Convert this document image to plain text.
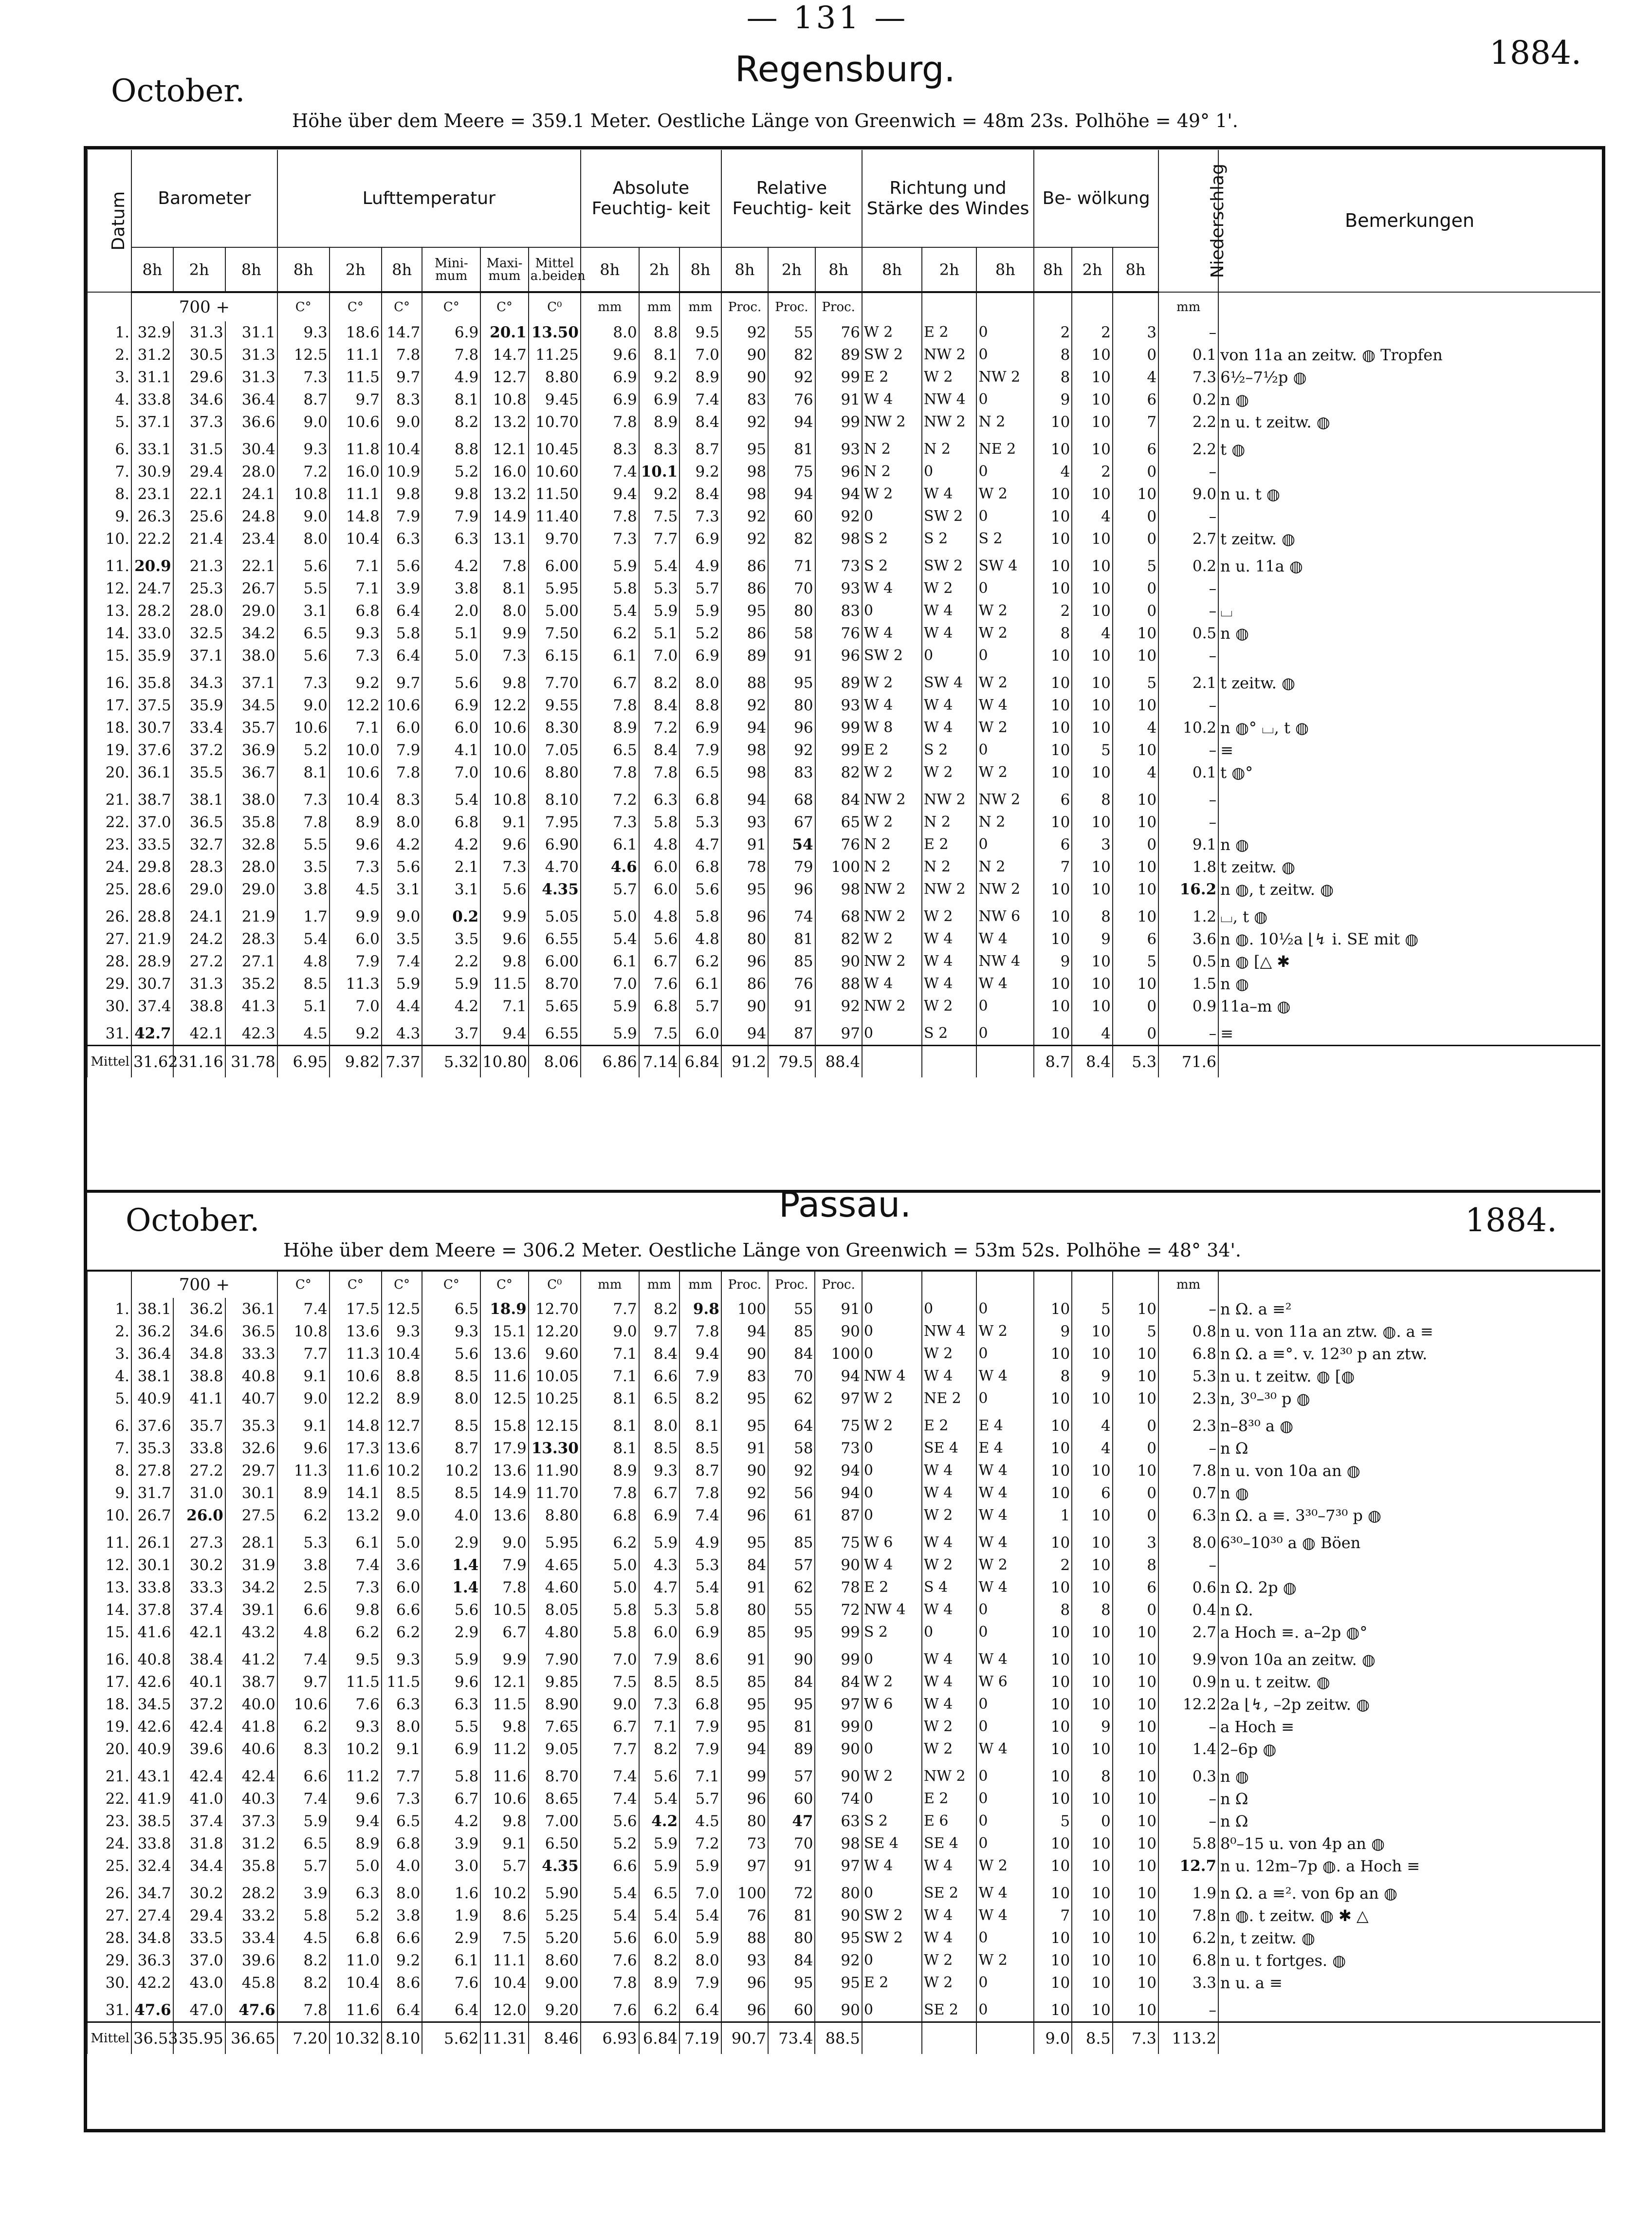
— 131 —
October.
Regensburg.	1884.
Höhe über dem Meere = 359.1 Meter. Oestliche Länge von Greenwich = 48m 23s. Polhöhe = 49° 1'.
Datum	Barometer			Lufttemperatur						Absolute Feuchtig- keit			Relative Feuchtig- keit			Richtung und Stärke des Windes			Be- wölkung			Niederschlag	Bemerkungen
	8h	2h	8h	8h	2h	8h	Mini- mum	Maxi- mum	Mittel a.beiden	8h	2h	8h	8h	2h	8h	8h	2h	8h	8h	2h	8h		
	700 +			C°	C°	C°	C°	C°	C⁰	mm	mm	mm	Proc.	Proc.	Proc.							mm	
1.	32.9	31.3	31.1	9.3	18.6	14.7	6.9	20.1	13.50	8.0	8.8	9.5	92	55	76	W 2	E 2	0	2	2	3	–	
2.	31.2	30.5	31.3	12.5	11.1	7.8	7.8	14.7	11.25	9.6	8.1	7.0	90	82	89	SW 2	NW 2	0	8	10	0	0.1	von 11a an zeitw. ◍ Tropfen
3.	31.1	29.6	31.3	7.3	11.5	9.7	4.9	12.7	8.80	6.9	9.2	8.9	90	92	99	E 2	W 2	NW 2	8	10	4	7.3	6½–7½p ◍
4.	33.8	34.6	36.4	8.7	9.7	8.3	8.1	10.8	9.45	6.9	6.9	7.4	83	76	91	W 4	NW 4	0	9	10	6	0.2	n ◍
5.	37.1	37.3	36.6	9.0	10.6	9.0	8.2	13.2	10.70	7.8	8.9	8.4	92	94	99	NW 2	NW 2	N 2	10	10	7	2.2	n u. t zeitw. ◍

6.	33.1	31.5	30.4	9.3	11.8	10.4	8.8	12.1	10.45	8.3	8.3	8.7	95	81	93	N 2	N 2	NE 2	10	10	6	2.2	t ◍
7.	30.9	29.4	28.0	7.2	16.0	10.9	5.2	16.0	10.60	7.4	10.1	9.2	98	75	96	N 2	0	0	4	2	0	–	
8.	23.1	22.1	24.1	10.8	11.1	9.8	9.8	13.2	11.50	9.4	9.2	8.4	98	94	94	W 2	W 4	W 2	10	10	10	9.0	n u. t ◍
9.	26.3	25.6	24.8	9.0	14.8	7.9	7.9	14.9	11.40	7.8	7.5	7.3	92	60	92	0	SW 2	0	10	4	0	–	
10.	22.2	21.4	23.4	8.0	10.4	6.3	6.3	13.1	9.70	7.3	7.7	6.9	92	82	98	S 2	S 2	S 2	10	10	0	2.7	t zeitw. ◍

11.	20.9	21.3	22.1	5.6	7.1	5.6	4.2	7.8	6.00	5.9	5.4	4.9	86	71	73	S 2	SW 2	SW 4	10	10	5	0.2	n u. 11a ◍
12.	24.7	25.3	26.7	5.5	7.1	3.9	3.8	8.1	5.95	5.8	5.3	5.7	86	70	93	W 4	W 2	0	10	10	0	–	
13.	28.2	28.0	29.0	3.1	6.8	6.4	2.0	8.0	5.00	5.4	5.9	5.9	95	80	83	0	W 4	W 2	2	10	0	–	⌴
14.	33.0	32.5	34.2	6.5	9.3	5.8	5.1	9.9	7.50	6.2	5.1	5.2	86	58	76	W 4	W 4	W 2	8	4	10	0.5	n ◍
15.	35.9	37.1	38.0	5.6	7.3	6.4	5.0	7.3	6.15	6.1	7.0	6.9	89	91	96	SW 2	0	0	10	10	10	–	

16.	35.8	34.3	37.1	7.3	9.2	9.7	5.6	9.8	7.70	6.7	8.2	8.0	88	95	89	W 2	SW 4	W 2	10	10	5	2.1	t zeitw. ◍
17.	37.5	35.9	34.5	9.0	12.2	10.6	6.9	12.2	9.55	7.8	8.4	8.8	92	80	93	W 4	W 4	W 4	10	10	10	–	
18.	30.7	33.4	35.7	10.6	7.1	6.0	6.0	10.6	8.30	8.9	7.2	6.9	94	96	99	W 8	W 4	W 2	10	10	4	10.2	n ◍° ⌴, t ◍
19.	37.6	37.2	36.9	5.2	10.0	7.9	4.1	10.0	7.05	6.5	8.4	7.9	98	92	99	E 2	S 2	0	10	5	10	–	≡
20.	36.1	35.5	36.7	8.1	10.6	7.8	7.0	10.6	8.80	7.8	7.8	6.5	98	83	82	W 2	W 2	W 2	10	10	4	0.1	t ◍°

21.	38.7	38.1	38.0	7.3	10.4	8.3	5.4	10.8	8.10	7.2	6.3	6.8	94	68	84	NW 2	NW 2	NW 2	6	8	10	–	
22.	37.0	36.5	35.8	7.8	8.9	8.0	6.8	9.1	7.95	7.3	5.8	5.3	93	67	65	W 2	N 2	N 2	10	10	10	–	
23.	33.5	32.7	32.8	5.5	9.6	4.2	4.2	9.6	6.90	6.1	4.8	4.7	91	54	76	N 2	E 2	0	6	3	0	9.1	n ◍
24.	29.8	28.3	28.0	3.5	7.3	5.6	2.1	7.3	4.70	4.6	6.0	6.8	78	79	100	N 2	N 2	N 2	7	10	10	1.8	t zeitw. ◍
25.	28.6	29.0	29.0	3.8	4.5	3.1	3.1	5.6	4.35	5.7	6.0	5.6	95	96	98	NW 2	NW 2	NW 2	10	10	10	16.2	n ◍, t zeitw. ◍

26.	28.8	24.1	21.9	1.7	9.9	9.0	0.2	9.9	5.05	5.0	4.8	5.8	96	74	68	NW 2	W 2	NW 6	10	8	10	1.2	⌴, t ◍
27.	21.9	24.2	28.3	5.4	6.0	3.5	3.5	9.6	6.55	5.4	5.6	4.8	80	81	82	W 2	W 4	W 4	10	9	6	3.6	n ◍. 10½a ⌊↯ i. SE mit ◍
28.	28.9	27.2	27.1	4.8	7.9	7.4	2.2	9.8	6.00	6.1	6.7	6.2	96	85	90	NW 2	W 4	NW 4	9	10	5	0.5	n ◍ [△ ✱
29.	30.7	31.3	35.2	8.5	11.3	5.9	5.9	11.5	8.70	7.0	7.6	6.1	86	76	88	W 4	W 4	W 4	10	10	10	1.5	n ◍
30.	37.4	38.8	41.3	5.1	7.0	4.4	4.2	7.1	5.65	5.9	6.8	5.7	90	91	92	NW 2	W 2	0	10	10	0	0.9	11a–m ◍

31.	42.7	42.1	42.3	4.5	9.2	4.3	3.7	9.4	6.55	5.9	7.5	6.0	94	87	97	0	S 2	0	10	4	0	–	≡
Mittel	31.62	31.16	31.78	6.95	9.82	7.37	5.32	10.80	8.06	6.86	7.14	6.84	91.2	79.5	88.4				8.7	8.4	5.3	71.6	
October.	Passau.	1884.
Höhe über dem Meere = 306.2 Meter. Oestliche Länge von Greenwich = 53m 52s. Polhöhe = 48° 34'.
	700 +			C°	C°	C°	C°	C°	C⁰	mm	mm	mm	Proc.	Proc.	Proc.							mm	
1.	38.1	36.2	36.1	7.4	17.5	12.5	6.5	18.9	12.70	7.7	8.2	9.8	100	55	91	0	0	0	10	5	10	–	n Ω. a ≡²
2.	36.2	34.6	36.5	10.8	13.6	9.3	9.3	15.1	12.20	9.0	9.7	7.8	94	85	90	0	NW 4	W 2	9	10	5	0.8	n u. von 11a an ztw. ◍. a ≡
3.	36.4	34.8	33.3	7.7	11.3	10.4	5.6	13.6	9.60	7.1	8.4	9.4	90	84	100	0	W 2	0	10	10	10	6.8	n Ω. a ≡°. v. 12³⁰ p an ztw.
4.	38.1	38.8	40.8	9.1	10.6	8.8	8.5	11.6	10.05	7.1	6.6	7.9	83	70	94	NW 4	W 4	W 4	8	9	10	5.3	n u. t zeitw. ◍ [◍
5.	40.9	41.1	40.7	9.0	12.2	8.9	8.0	12.5	10.25	8.1	6.5	8.2	95	62	97	W 2	NE 2	0	10	10	10	2.3	n, 3⁰–³⁰ p ◍

6.	37.6	35.7	35.3	9.1	14.8	12.7	8.5	15.8	12.15	8.1	8.0	8.1	95	64	75	W 2	E 2	E 4	10	4	0	2.3	n–8³⁰ a ◍
7.	35.3	33.8	32.6	9.6	17.3	13.6	8.7	17.9	13.30	8.1	8.5	8.5	91	58	73	0	SE 4	E 4	10	4	0	–	n Ω
8.	27.8	27.2	29.7	11.3	11.6	10.2	10.2	13.6	11.90	8.9	9.3	8.7	90	92	94	0	W 4	W 4	10	10	10	7.8	n u. von 10a an ◍
9.	31.7	31.0	30.1	8.9	14.1	8.5	8.5	14.9	11.70	7.8	6.7	7.8	92	56	94	0	W 4	W 4	10	6	0	0.7	n ◍
10.	26.7	26.0	27.5	6.2	13.2	9.0	4.0	13.6	8.80	6.8	6.9	7.4	96	61	87	0	W 2	W 4	1	10	0	6.3	n Ω. a ≡. 3³⁰–7³⁰ p ◍

11.	26.1	27.3	28.1	5.3	6.1	5.0	2.9	9.0	5.95	6.2	5.9	4.9	95	85	75	W 6	W 4	W 4	10	10	3	8.0	6³⁰–10³⁰ a ◍ Böen
12.	30.1	30.2	31.9	3.8	7.4	3.6	1.4	7.9	4.65	5.0	4.3	5.3	84	57	90	W 4	W 2	W 2	2	10	8	–	
13.	33.8	33.3	34.2	2.5	7.3	6.0	1.4	7.8	4.60	5.0	4.7	5.4	91	62	78	E 2	S 4	W 4	10	10	6	0.6	n Ω. 2p ◍
14.	37.8	37.4	39.1	6.6	9.8	6.6	5.6	10.5	8.05	5.8	5.3	5.8	80	55	72	NW 4	W 4	0	8	8	0	0.4	n Ω.
15.	41.6	42.1	43.2	4.8	6.2	6.2	2.9	6.7	4.80	5.8	6.0	6.9	85	95	99	S 2	0	0	10	10	10	2.7	a Hoch ≡. a–2p ◍°

16.	40.8	38.4	41.2	7.4	9.5	9.3	5.9	9.9	7.90	7.0	7.9	8.6	91	90	99	0	W 4	W 4	10	10	10	9.9	von 10a an zeitw. ◍
17.	42.6	40.1	38.7	9.7	11.5	11.5	9.6	12.1	9.85	7.5	8.5	8.5	85	84	84	W 2	W 4	W 6	10	10	10	0.9	n u. t zeitw. ◍
18.	34.5	37.2	40.0	10.6	7.6	6.3	6.3	11.5	8.90	9.0	7.3	6.8	95	95	97	W 6	W 4	0	10	10	10	12.2	2a ⌊↯, –2p zeitw. ◍
19.	42.6	42.4	41.8	6.2	9.3	8.0	5.5	9.8	7.65	6.7	7.1	7.9	95	81	99	0	W 2	0	10	9	10	–	a Hoch ≡
20.	40.9	39.6	40.6	8.3	10.2	9.1	6.9	11.2	9.05	7.7	8.2	7.9	94	89	90	0	W 2	W 4	10	10	10	1.4	2–6p ◍

21.	43.1	42.4	42.4	6.6	11.2	7.7	5.8	11.6	8.70	7.4	5.6	7.1	99	57	90	W 2	NW 2	0	10	8	10	0.3	n ◍
22.	41.9	41.0	40.3	7.4	9.6	7.3	6.7	10.6	8.65	7.4	5.4	5.7	96	60	74	0	E 2	0	10	10	10	–	n Ω
23.	38.5	37.4	37.3	5.9	9.4	6.5	4.2	9.8	7.00	5.6	4.2	4.5	80	47	63	S 2	E 6	0	5	0	10	–	n Ω
24.	33.8	31.8	31.2	6.5	8.9	6.8	3.9	9.1	6.50	5.2	5.9	7.2	73	70	98	SE 4	SE 4	0	10	10	10	5.8	8⁰–15 u. von 4p an ◍
25.	32.4	34.4	35.8	5.7	5.0	4.0	3.0	5.7	4.35	6.6	5.9	5.9	97	91	97	W 4	W 4	W 2	10	10	10	12.7	n u. 12m–7p ◍. a Hoch ≡

26.	34.7	30.2	28.2	3.9	6.3	8.0	1.6	10.2	5.90	5.4	6.5	7.0	100	72	80	0	SE 2	W 4	10	10	10	1.9	n Ω. a ≡². von 6p an ◍
27.	27.4	29.4	33.2	5.8	5.2	3.8	1.9	8.6	5.25	5.4	5.4	5.4	76	81	90	SW 2	W 4	W 4	7	10	10	7.8	n ◍. t zeitw. ◍ ✱ △
28.	34.8	33.5	33.4	4.5	6.8	6.6	2.9	7.5	5.20	5.6	6.0	5.9	88	80	95	SW 2	W 4	0	10	10	10	6.2	n, t zeitw. ◍
29.	36.3	37.0	39.6	8.2	11.0	9.2	6.1	11.1	8.60	7.6	8.2	8.0	93	84	92	0	W 2	W 2	10	10	10	6.8	n u. t fortges. ◍
30.	42.2	43.0	45.8	8.2	10.4	8.6	7.6	10.4	9.00	7.8	8.9	7.9	96	95	95	E 2	W 2	0	10	10	10	3.3	n u. a ≡

31.	47.6	47.0	47.6	7.8	11.6	6.4	6.4	12.0	9.20	7.6	6.2	6.4	96	60	90	0	SE 2	0	10	10	10	–	
Mittel	36.53	35.95	36.65	7.20	10.32	8.10	5.62	11.31	8.46	6.93	6.84	7.19	90.7	73.4	88.5				9.0	8.5	7.3	113.2	
